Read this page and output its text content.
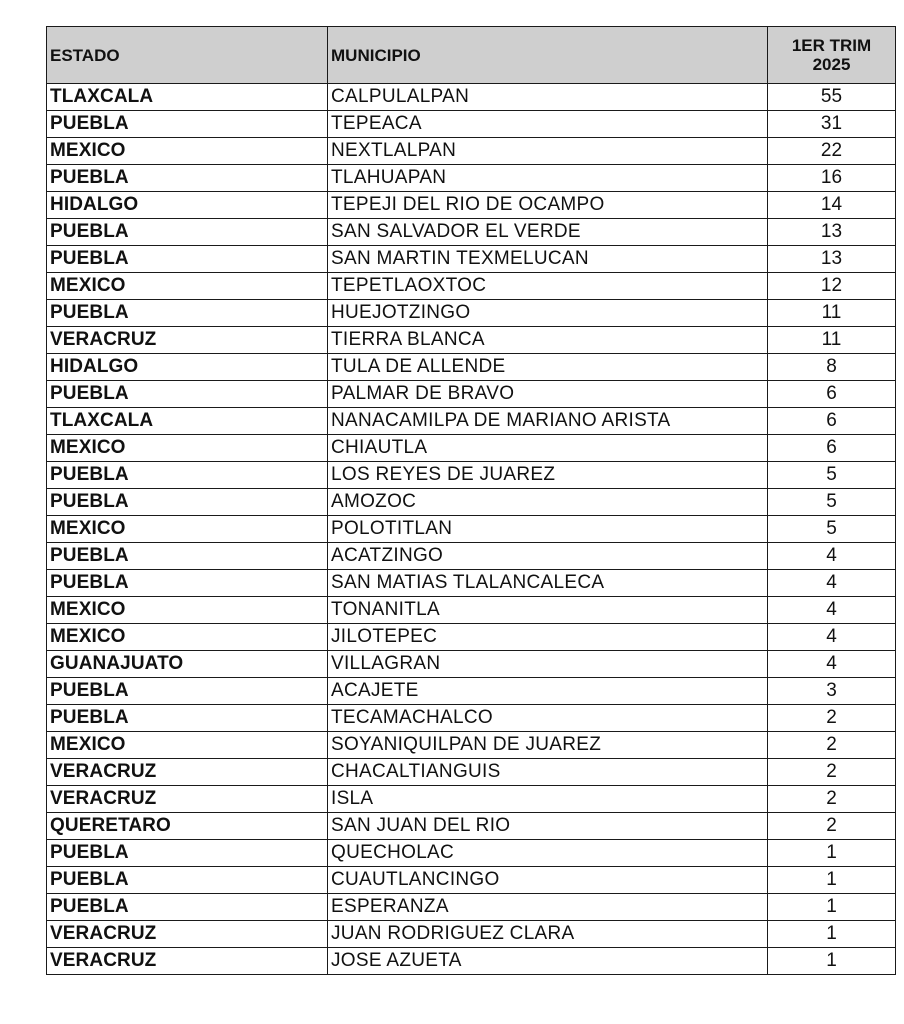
ESTADO	MUNICIPIO	1ER TRIM
2025

TLAXCALA	CALPULALPAN	55
PUEBLA	TEPEACA	31
MEXICO	NEXTLALPAN	22
PUEBLA	TLAHUAPAN	16
HIDALGO	TEPEJI DEL RIO DE OCAMPO	14
PUEBLA	SAN SALVADOR EL VERDE	13
PUEBLA	SAN MARTIN TEXMELUCAN	13
MEXICO	TEPETLAOXTOC	12
PUEBLA	HUEJOTZINGO	11
VERACRUZ	TIERRA BLANCA	11
HIDALGO	TULA DE ALLENDE	8
PUEBLA	PALMAR DE BRAVO	6
TLAXCALA	NANACAMILPA DE MARIANO ARISTA	6
MEXICO	CHIAUTLA	6
PUEBLA	LOS REYES DE JUAREZ	5
PUEBLA	AMOZOC	5
MEXICO	POLOTITLAN	5
PUEBLA	ACATZINGO	4
PUEBLA	SAN MATIAS TLALANCALECA	4
MEXICO	TONANITLA	4
MEXICO	JILOTEPEC	4
GUANAJUATO	VILLAGRAN	4
PUEBLA	ACAJETE	3
PUEBLA	TECAMACHALCO	2
MEXICO	SOYANIQUILPAN DE JUAREZ	2
VERACRUZ	CHACALTIANGUIS	2
VERACRUZ	ISLA	2
QUERETARO	SAN JUAN DEL RIO	2
PUEBLA	QUECHOLAC	1
PUEBLA	CUAUTLANCINGO	1
PUEBLA	ESPERANZA	1
VERACRUZ	JUAN RODRIGUEZ CLARA	1
VERACRUZ	JOSE AZUETA	1
